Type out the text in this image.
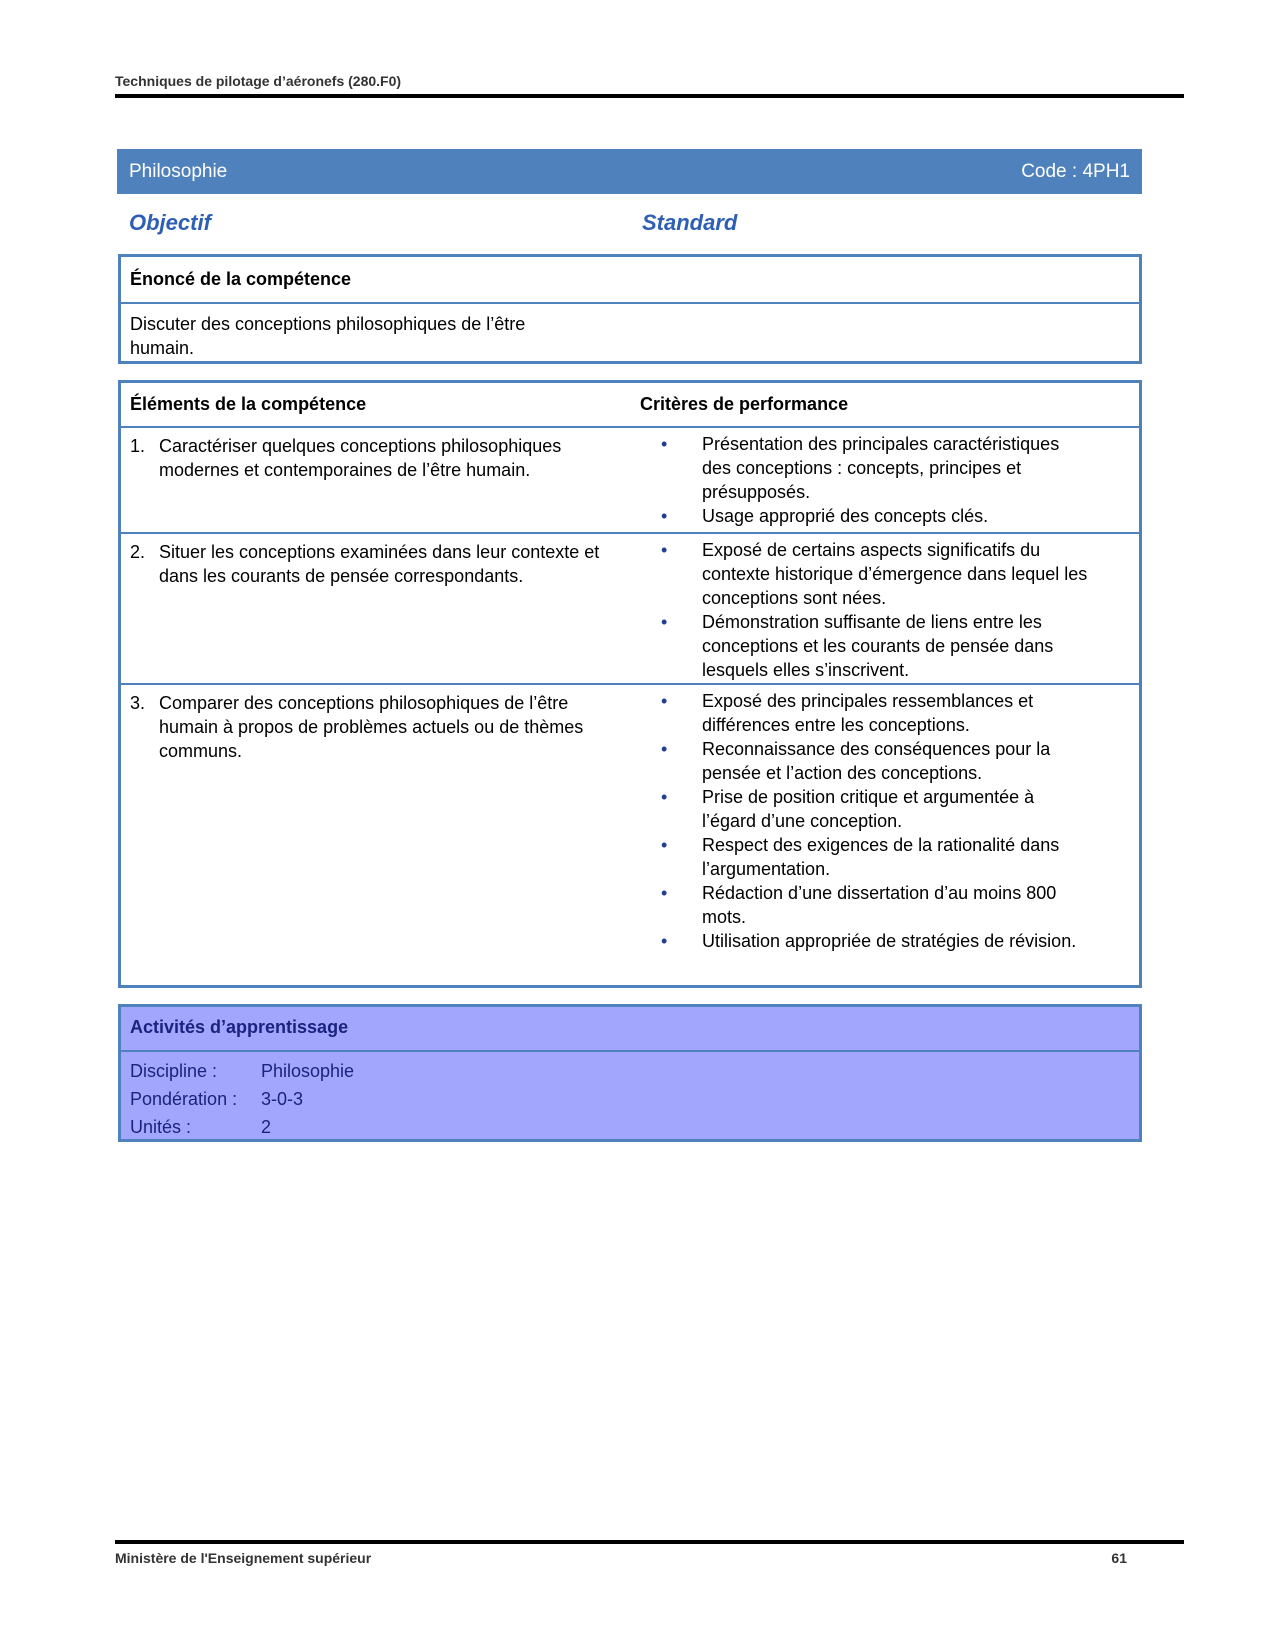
Techniques de pilotage d’aéronefs (280.F0)
Philosophie	Code : 4PH1
Objectif	Standard
Énoncé de la compétence
Discuter des conceptions philosophiques de l’être humain.
Éléments de la compétence	Critères de performance
1. Caractériser quelques conceptions philosophiques modernes et contemporaines de l’être humain.
• Présentation des principales caractéristiques des conceptions : concepts, principes et présupposés.
• Usage approprié des concepts clés.
2. Situer les conceptions examinées dans leur contexte et dans les courants de pensée correspondants.
• Exposé de certains aspects significatifs du contexte historique d’émergence dans lequel les conceptions sont nées.
• Démonstration suffisante de liens entre les conceptions et les courants de pensée dans lesquels elles s’inscrivent.
3. Comparer des conceptions philosophiques de l’être humain à propos de problèmes actuels ou de thèmes communs.
• Exposé des principales ressemblances et différences entre les conceptions.
• Reconnaissance des conséquences pour la pensée et l’action des conceptions.
• Prise de position critique et argumentée à l’égard d’une conception.
• Respect des exigences de la rationalité dans l’argumentation.
• Rédaction d’une dissertation d’au moins 800 mots.
• Utilisation appropriée de stratégies de révision.
Activités d’apprentissage
Discipline :	Philosophie
Pondération :	3-0-3
Unités :	2
Ministère de l'Enseignement supérieur	61
